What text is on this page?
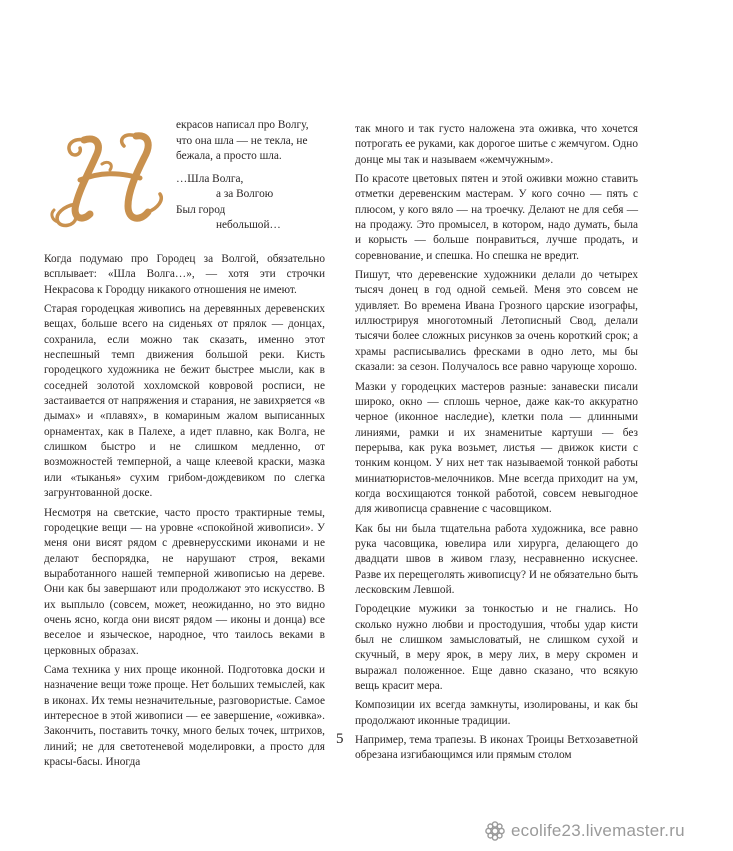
екрасов написал про Волгу, что она шла — не текла, не бежала, а просто шла.

…Шла Волга,
а за Волгою
Был город
небольшой…

Когда подумаю про Городец за Волгой, обязательно всплывает: «Шла Волга…», — хотя эти строчки Некрасова к Городцу никакого отношения не имеют.

Старая городецкая живопись на деревянных деревенских вещах, больше всего на сиденьях от прялок — донцах, сохранила, если можно так сказать, именно этот неспешный темп движения большой реки. Кисть городецкого художника не бежит быстрее мысли, как в соседней золотой хохломской ковровой росписи, не застаивается от напряжения и старания, не завихряется «в дымах» и «плавях», в комариным жалом выписанных орнаментах, как в Палехе, а идет плавно, как Волга, не слишком быстро и не слишком медленно, от возможностей темперной, а чаще клеевой краски, мазка или «тыканья» сухим грибом-дождевиком по слегка загрунтованной доске.

Несмотря на светские, часто просто трактирные темы, городецкие вещи — на уровне «спокойной живописи». У меня они висят рядом с древнерусскими иконами и не делают беспорядка, не нарушают строя, веками выработанного нашей темперной живописью на дереве. Они как бы завершают или продолжают это искусство. В их выплыло (совсем, может, неожиданно, но это видно очень ясно, когда они висят рядом — иконы и донца) все веселое и языческое, народное, что таилось веками в церковных образах.

Сама техника у них проще иконной. Подготовка доски и назначение вещи тоже проще. Нет больших темыслей, как в иконах. Их темы незначительные, разговористые. Самое интересное в этой живописи — ее завершение, «оживка». Закончить, поставить точку, много белых точек, штрихов, линий; не для светотеневой моделировки, а просто для красы-басы. Иногда

так много и так густо наложена эта оживка, что хочется потрогать ее руками, как дорогое шитье с жемчугом. Одно донце мы так и называем «жемчужным».

По красоте цветовых пятен и этой оживки можно ставить отметки деревенским мастерам. У кого сочно — пять с плюсом, у кого вяло — на троечку. Делают не для себя — на продажу. Это промысел, в котором, надо думать, была и корысть — больше понравиться, лучше продать, и соревнование, и спешка. Но спешка не вредит.

Пишут, что деревенские художники делали до четырех тысяч донец в год одной семьей. Меня это совсем не удивляет. Во времена Ивана Грозного царские изографы, иллюстрируя многотомный Летописный Свод, делали тысячи более сложных рисунков за очень короткий срок; а храмы расписывались фресками в одно лето, мы бы сказали: за сезон. Получалось все равно чарующе хорошо.

Мазки у городецких мастеров разные: занавески писали широко, окно — сплошь черное, даже как-то аккуратно черное (иконное наследие), клетки пола — длинными линиями, рамки и их знаменитые картуши — без перерыва, как рука возьмет, листья — движок кисти с тонким концом. У них нет так называемой тонкой работы миниатюристов-мелочников. Мне всегда приходит на ум, когда восхищаются тонкой работой, совсем невыгодное для живописца сравнение с часовщиком.

Как бы ни была тщательна работа художника, все равно рука часовщика, ювелира или хирурга, делающего до двадцати швов в живом глазу, несравненно искуснее. Разве их перещеголять живописцу? И не обязательно быть лесковским Левшой.

Городецкие мужики за тонкостью и не гнались. Но сколько нужно любви и простодушия, чтобы удар кисти был не слишком замысловатый, не слишком сухой и скучный, в меру ярок, в меру лих, в меру скромен и выражал положенное. Еще давно сказано, что всякую вещь красит мера.

Композиции их всегда замкнуты, изолированы, и как бы продолжают иконные традиции.

Например, тема трапезы. В иконах Троицы Ветхозаветной обрезана изгибающимся или прямым столом

5
ecolife23.livemaster.ru
